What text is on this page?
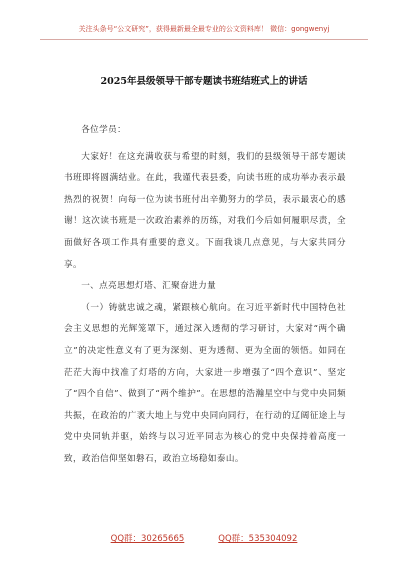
关注头条号“公文研究”，获得最新最全最专业的公文资料库！ 微信：gongwenyj
2025年县级领导干部专题读书班结班式上的讲话

各位学员：

大家好！在这充满收获与希望的时刻，我们的县级领导干部专题读书班即将圆满结业。在此，我谨代表县委，向读书班的成功举办表示最热烈的祝贺！向每一位为读书班付出辛勤努力的学员，表示最衷心的感谢！这次读书班是一次政治素养的历练，对我们今后如何履职尽责，全面做好各项工作具有重要的意义。下面我谈几点意见，与大家共同分享。

一、点亮思想灯塔、汇聚奋进力量

（一）铸就忠诚之魂，紧跟核心航向。在习近平新时代中国特色社会主义思想的光辉笼罩下，通过深入透彻的学习研讨，大家对“两个确立”的决定性意义有了更为深刻、更为透彻、更为全面的领悟。如同在茫茫大海中找准了灯塔的方向，大家进一步增强了“四个意识”、坚定了“四个自信”、做到了“两个维护”。在思想的浩瀚星空中与党中央同频共振，在政治的广袤大地上与党中央同向同行，在行动的辽阔征途上与党中央同轨并驱，始终与以习近平同志为核心的党中央保持着高度一致，政治信仰坚如磐石，政治立场稳如泰山。

QQ群：30265665	QQ群：535304092
